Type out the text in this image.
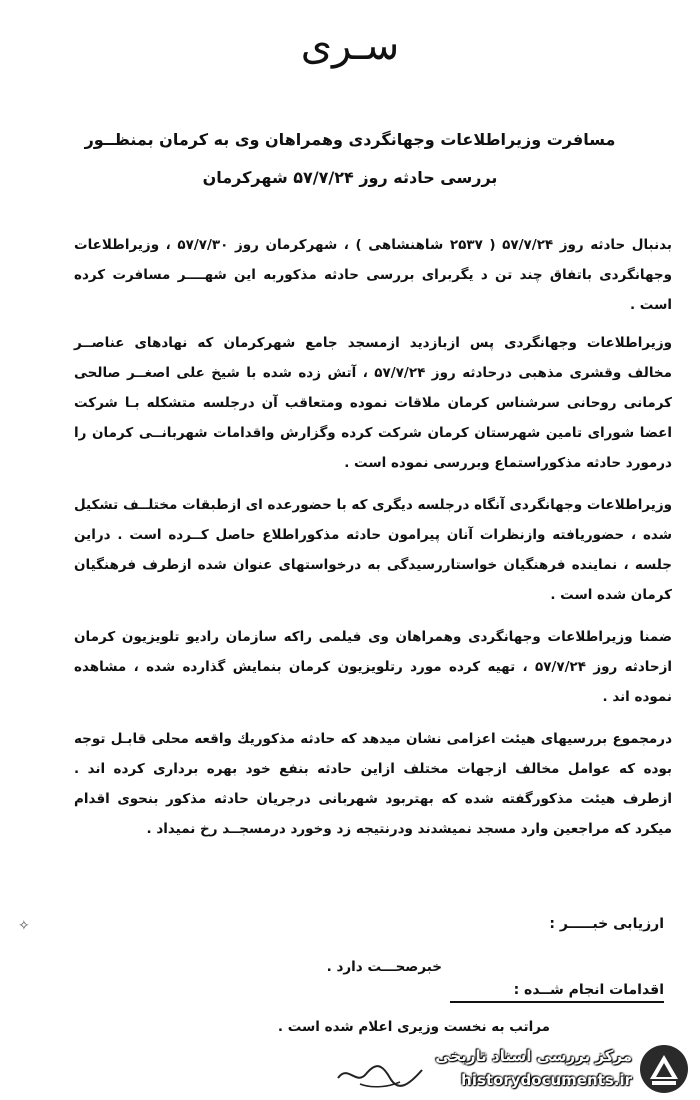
سـرى
مسافرت وزيراطلاعات وجهانگردى وهمراهان وى به كرمان بمنظــور
بررسى حادثه روز ۵۷/۷/۲۴ شهركرمان

بدنبال حادثه روز ۵۷/۷/۲۴ ( ۲۵۳۷ شاهنشاهى ) ، شهركرمان روز ۵۷/۷/۳۰ ، وزيراطلاعات وجهانگردى باتفاق چند تن د يگربراى بررسى حادثه مذكوربه اين شهــــر مسافرت كرده است .

وزيراطلاعات وجهانگردى پس ازبازديد ازمسجد جامع شهركرمان كه نهادهاى عناصــر مخالف وقشرى مذهبى درحادثه روز ۵۷/۷/۲۴ ، آتش زده شده با شيخ على اصغــر صالحى كرمانى روحانى سرشناس كرمان ملاقات نموده ومتعاقب آن درجلسه متشكله بـا شركت اعضا شوراى تامين شهرستان كرمان شركت كرده وگزارش واقدامات شهربانــى كرمان را درمورد حادثه مذكوراستماع وبررسى نموده است .

وزيراطلاعات وجهانگردى آنگاه درجلسه ديگرى كه با حضورعده اى ازطبقات مختلــف تشكيل شده ، حضوريافته وازنظرات آنان پيرامون حادثه مذكوراطلاع حاصل كــرده است . دراين جلسه ، نماينده فرهنگيان خواستاررسيدگى به درخواستهاى عنوان شده ازطرف فرهنگيان كرمان شده است .

ضمنا وزيراطلاعات وجهانگردى وهمراهان وى فيلمى راكه سازمان راديو تلويزيون كرمان ازحادثه روز ۵۷/۷/۲۴ ، تهيه كرده مورد رتلويزيون كرمان بنمايش گذارده شده ، مشاهده نموده اند .

درمجموع بررسيهاى هيئت اعزامى نشان ميدهد كه حادثه مذكوريك واقعه محلى قابـل توجه بوده كه عوامل مخالف ازجهات مختلف ازاين حادثه بنفع خود بهره بردارى كرده اند . ازطرف هيئت مذكورگفته شده كه بهتربود شهربانى درجريان حادثه مذكور بنحوى اقدام ميكرد كه مراجعين وارد مسجد نميشدند ودرنتيجه زد وخورد درمسجــد رخ نميداد .

✧	ارزيابى خبـــــر :
خبرصحـــت دارد .
اقدامات انجام شــده :
مراتب به نخست وزيرى اعلام شده است .
مركز بررسى اسناد تاريخى
historydocuments.ir
